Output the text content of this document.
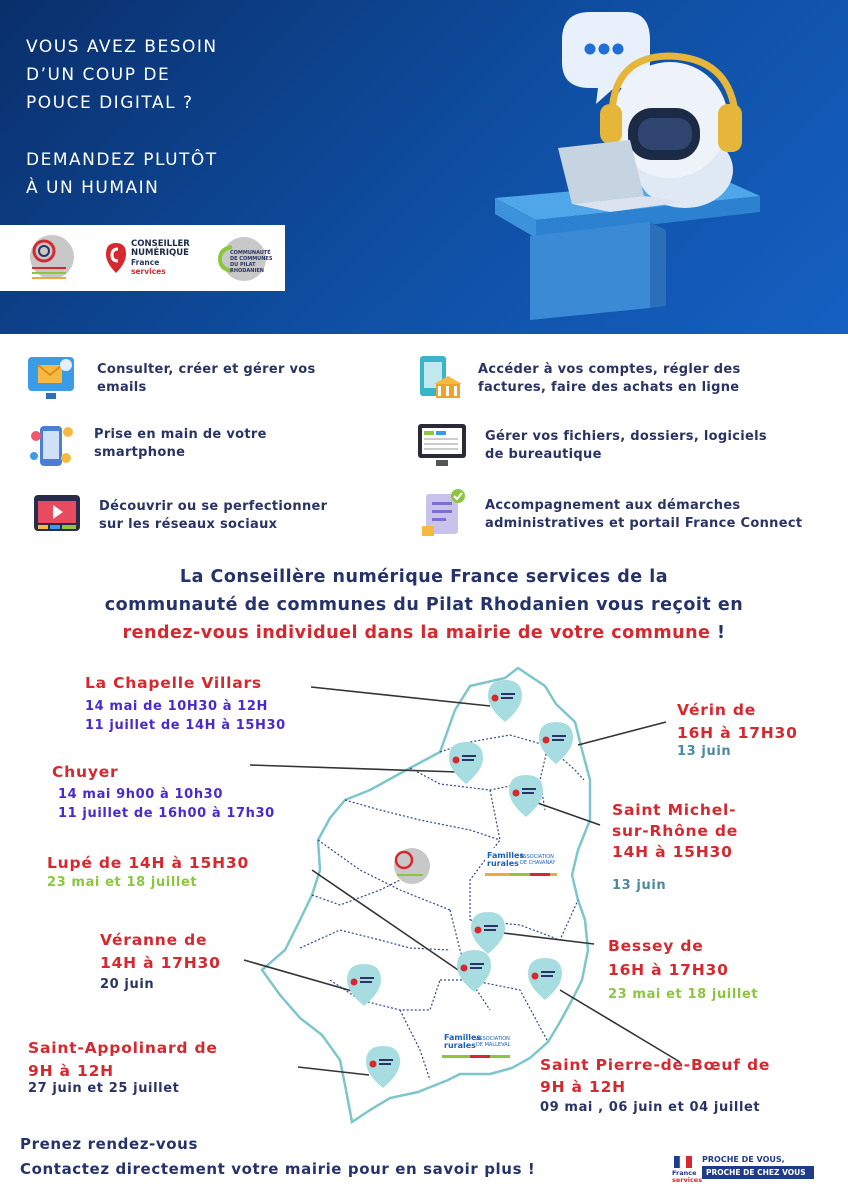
VOUS AVEZ BESOIN
D’UN COUP DE
POUCE DIGITAL ?
DEMANDEZ PLUTÔT
À UN HUMAIN
CONSEILLER
NUMÉRIQUE
France
services
COMMUNAUTÉ
DE COMMUNES
DU PILAT RHODANIEN
Consulter, créer et gérer vos
emails
Prise en main de votre
smartphone
Découvrir ou se perfectionner
sur les réseaux sociaux
Accéder à vos comptes, régler des
factures, faire des achats en ligne
Gérer vos fichiers, dossiers, logiciels
de bureautique
Accompagnement aux démarches
administratives et portail France Connect
La Conseillère numérique France services de la
communauté de communes du Pilat Rhodanien vous reçoit en
rendez-vous individuel dans la mairie de votre commune !
Familles
rurales
ASSOCIATION
DE CHAVANAY
Familles
rurales
ASSOCIATION
DE MALLEVAL
La Chapelle Villars
14 mai de 10H30 à 12H
11 juillet de 14H à 15H30
Chuyer
14 mai 9h00 à 10h30
11 juillet de 16h00 à 17h30
Lupé de 14H à 15H30
23 mai et 18 juillet
Véranne de
14H à 17H30
20 juin
Saint-Appolinard de
9H à 12H
27 juin et 25 juillet
Vérin de
16H à 17H30
13 juin
Saint Michel-
sur-Rhône de
14H à 15H30
13 juin
Bessey de
16H à 17H30
23 mai et 18 juillet
Saint Pierre-de-Bœuf de
9H à 12H
09 mai , 06 juin et 04 juillet
Prenez rendez-vous
Contactez directement votre mairie pour en savoir plus !	France
services
PROCHE DE VOUS,
PROCHE DE CHEZ VOUS
